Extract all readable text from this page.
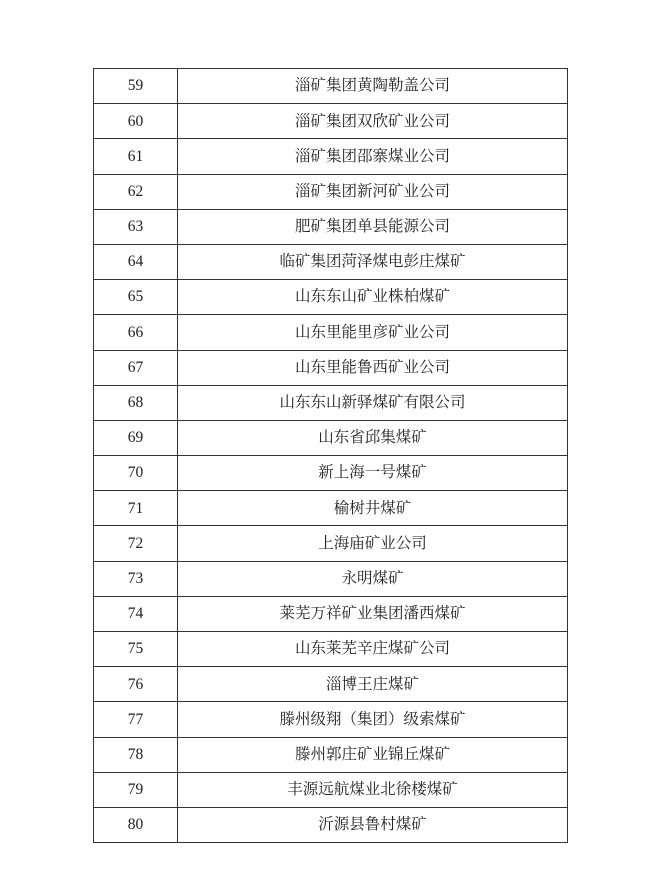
59	淄矿集团黄陶勒盖公司
60	淄矿集团双欣矿业公司
61	淄矿集团邵寨煤业公司
62	淄矿集团新河矿业公司
63	肥矿集团单县能源公司
64	临矿集团菏泽煤电彭庄煤矿
65	山东东山矿业株柏煤矿
66	山东里能里彦矿业公司
67	山东里能鲁西矿业公司
68	山东东山新驿煤矿有限公司
69	山东省邱集煤矿
70	新上海一号煤矿
71	榆树井煤矿
72	上海庙矿业公司
73	永明煤矿
74	莱芜万祥矿业集团潘西煤矿
75	山东莱芜辛庄煤矿公司
76	淄博王庄煤矿
77	滕州级翔（集团）级索煤矿
78	滕州郭庄矿业锦丘煤矿
79	丰源远航煤业北徐楼煤矿
80	沂源县鲁村煤矿
